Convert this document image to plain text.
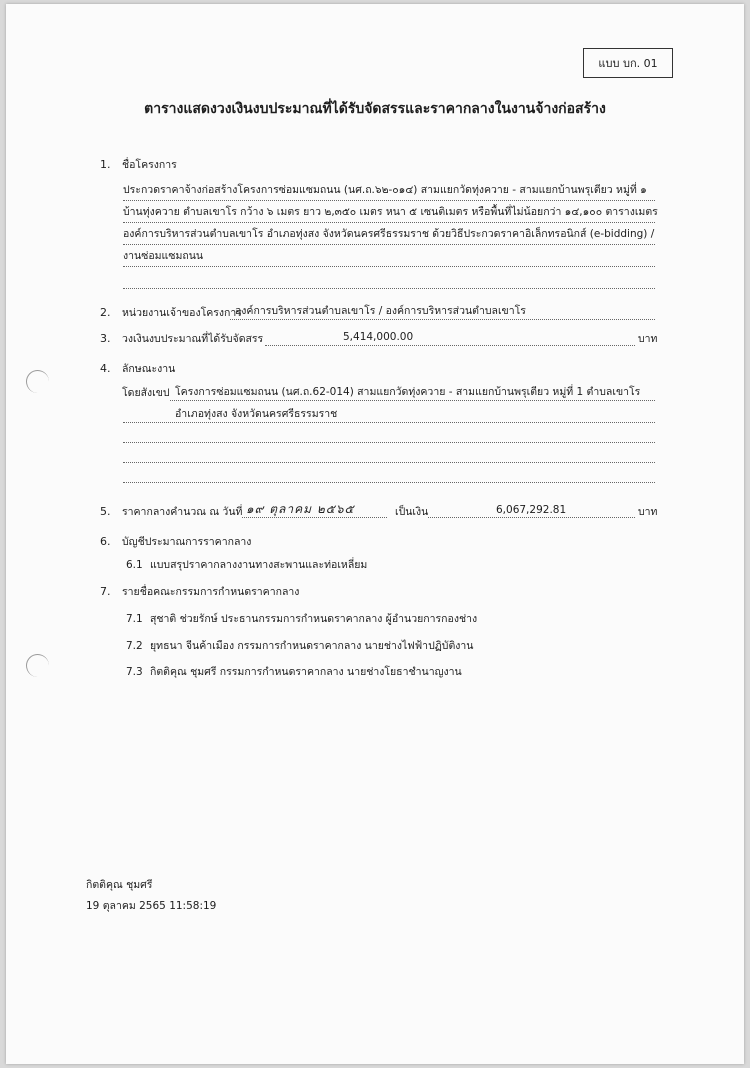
แบบ บก. 01
ตารางแสดงวงเงินงบประมาณที่ได้รับจัดสรรและราคากลางในงานจ้างก่อสร้าง
1. ชื่อโครงการ
ประกวดราคาจ้างก่อสร้างโครงการซ่อมแซมถนน (นศ.ถ.๖๒-๐๑๔) สามแยกวัดทุ่งควาย - สามแยกบ้านพรุเตียว หมู่ที่ ๑
บ้านทุ่งควาย ตำบลเขาโร กว้าง ๖ เมตร ยาว ๒,๓๕๐ เมตร หนา ๕ เซนติเมตร หรือพื้นที่ไม่น้อยกว่า ๑๔,๑๐๐ ตารางเมตร
องค์การบริหารส่วนตำบลเขาโร อำเภอทุ่งสง จังหวัดนครศรีธรรมราช ด้วยวิธีประกวดราคาอิเล็กทรอนิกส์ (e-bidding) /
งานซ่อมแซมถนน
2. หน่วยงานเจ้าของโครงการ
องค์การบริหารส่วนตำบลเขาโร / องค์การบริหารส่วนตำบลเขาโร
3. วงเงินงบประมาณที่ได้รับจัดสรร	5,414,000.00	บาท
4. ลักษณะงาน
โดยสังเขป โครงการซ่อมแซมถนน (นศ.ถ.62-014) สามแยกวัดทุ่งควาย - สามแยกบ้านพรุเตียว หมู่ที่ 1 ตำบลเขาโร
อำเภอทุ่งสง จังหวัดนครศรีธรรมราช
5. ราคากลางคำนวณ ณ วันที่ ๑๙ ตุลาคม ๒๕๖๕	เป็นเงิน	6,067,292.81	บาท
6. บัญชีประมาณการราคากลาง
6.1 แบบสรุปราคากลางงานทางสะพานและท่อเหลี่ยม
7. รายชื่อคณะกรรมการกำหนดราคากลาง
7.1 สุชาติ ช่วยรักษ์ ประธานกรรมการกำหนดราคากลาง ผู้อำนวยการกองช่าง
7.2 ยุทธนา จีนค้าเมือง กรรมการกำหนดราคากลาง นายช่างไฟฟ้าปฏิบัติงาน
7.3 กิตติคุณ ชุมศรี กรรมการกำหนดราคากลาง นายช่างโยธาชำนาญงาน
กิตติคุณ ชุมศรี
19 ตุลาคม 2565 11:58:19
